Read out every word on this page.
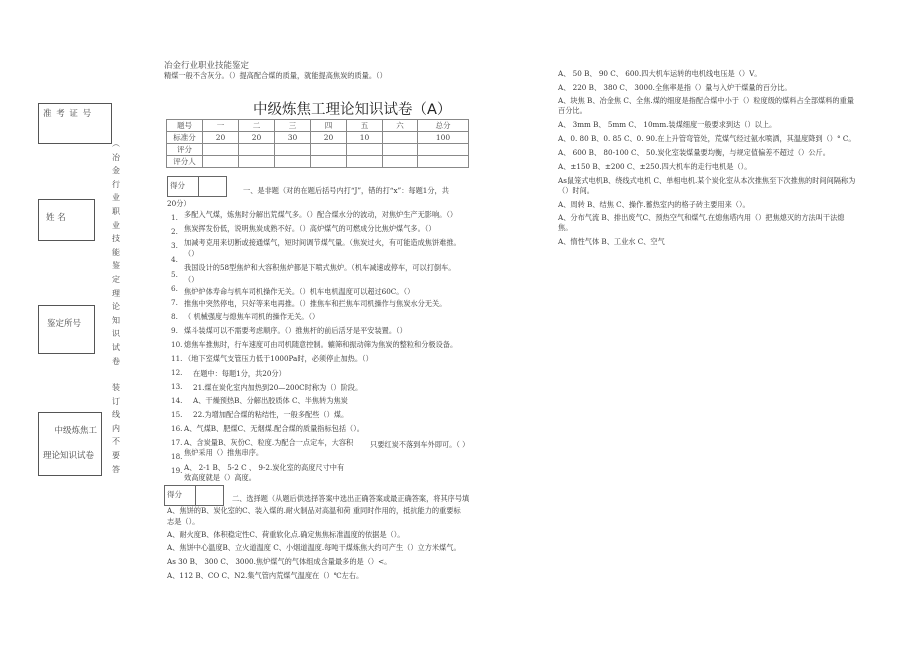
准 考 证 号
姓 名
鉴定所号
中级炼焦工
理论知识试卷
︵
冶
金
行
业
职
业
技
能
鉴
定
理
论
知
识
试
卷
装
订
线
内
不
要
答
冶金行业职业技能鉴定
精煤一般不含灰分。（）提高配合煤的质量，就能提高焦炭的质量。（）
中级炼焦工理论知识试卷（A）
题号	一	二	三	四	五	六	总分
标准分	20	20	30	20	10		100
评分							
评分人							
得分
一、是非题（对的在题后括号内打“J”，错的打“x”：每题1分，共
20分）
1.
2.
3.
4.
5.
6.
7.
8.
9.
10.
11.
12.
13.
14.
15.
16.
17.
18.
19.
多配入气煤，炼焦时分解出荒煤气多。（）配合煤水分的波动，对焦炉生产无影响。（）
焦炭挥发份低，说明焦炭成熟不好。（）高炉煤气的可燃成分比焦炉煤气多。（）
加减考克用来切断或接通煤气，短时间调节煤气量。（焦炭过火，有可能造成焦饼难推。
（）
我国设计的58型焦炉和大容积焦炉都是下喷式焦炉。（机车减速或停车，可以打倒车。
（）
焦炉炉体寿命与机车司机操作无关。（）机车电机温度可以超过60C。（）
推焦中突然停电，只好等来电再推。（）推焦车和拦焦车司机操作与焦炭水分无关。
（ 机械强度与熄焦车司机的操作无关。（）
煤斗装煤可以不需要考虑顺序。（）推焦杆的前后活牙是平安装置。（）
熄焦车推焦时，行车速度可由司机随意控制。辘筛和振动筛为焦炭的整粒和分极设备。
（地下室煤气支管压力低于1000Pa时，必须停止加热。（）
在题中：每题1分，共20分）
21.煤在炭化室内加热到20—200C时称为（）阶段。
A、干燥预热B、分解出胶质体 C、半焦转为焦炭
22.为增加配合煤的粘结性，一般多配些（）煤。
A、气煤B、肥煤C、无烟煤.配合煤的质量指标包括（）。
A、含炭量B、灰份C、粒度.为配合一点定车，大容积
焦炉采用（）推焦串序。
A、 2-1 B、 5-2 C 、 9-2.炭化室的高度尺寸中有
效高度就是（）高度。
只要红炭不落到车外即可。（ ）
得分	二、选择题（从题后供选择答案中选出正确答案或最正确答案，将其序号填
A、焦饼的B、炭化室的C、装入煤的.耐火制品对高温和荷 重同时作用的，抵抗能力的重要标
志是（）。
A、耐火度B、体积稳定性C、荷重软化点.确定焦焦标准温度的依据是（）。
A、焦饼中心温度B、立火道温度 C、小烟道温度.每吨干煤炼焦大约可产生（）立方米煤气。
As 30 B、 300 C、 3000.焦炉煤气的气体组成含量最多的是（）<。
A、112 B、CO C、N2.集气管内荒煤气温度在（）℃左右。
A、 50 B、 90 C、 600.四大机车运转的电机线电压是（）V。
A、 220 B、 380 C、 3000.全焦率是指（）量与入炉干煤量的百分比。
A、块焦 B、冶金焦 C、全焦.煤的细度是指配合煤中小于（）粒度级的煤料占全部煤料的重量
百分比。
A、 3mm B、 5mm C、 10mm.装煤细度一般要求到达（）以上。
A、0. 80 B、0. 85 C、0. 90.在上升管弯管处，荒煤气经过氨水喷洒，其温度降到（）° C。
A、 600 B、 80-100 C、 50.炭化室装煤量要均衡，与规定值偏差不超过（）公斤。
A、±150 B、±200 C、±250.四大机车的走行电机是（）。
As鼠笼式电机B、绕线式电机 C、单相电机.某个炭化室从本次推焦至下次推焦的时间间隔称为
（）时间。
A、周转 B、结焦 C、操作.蓄热室内的格子砖主要用来（）。
A、分布气流 B、排出废气C、预热空气和煤气.在熄焦塔内用（）把焦熄灭的方法叫干法熄
焦。
A、惰性气体 B、工业水 C、空气
